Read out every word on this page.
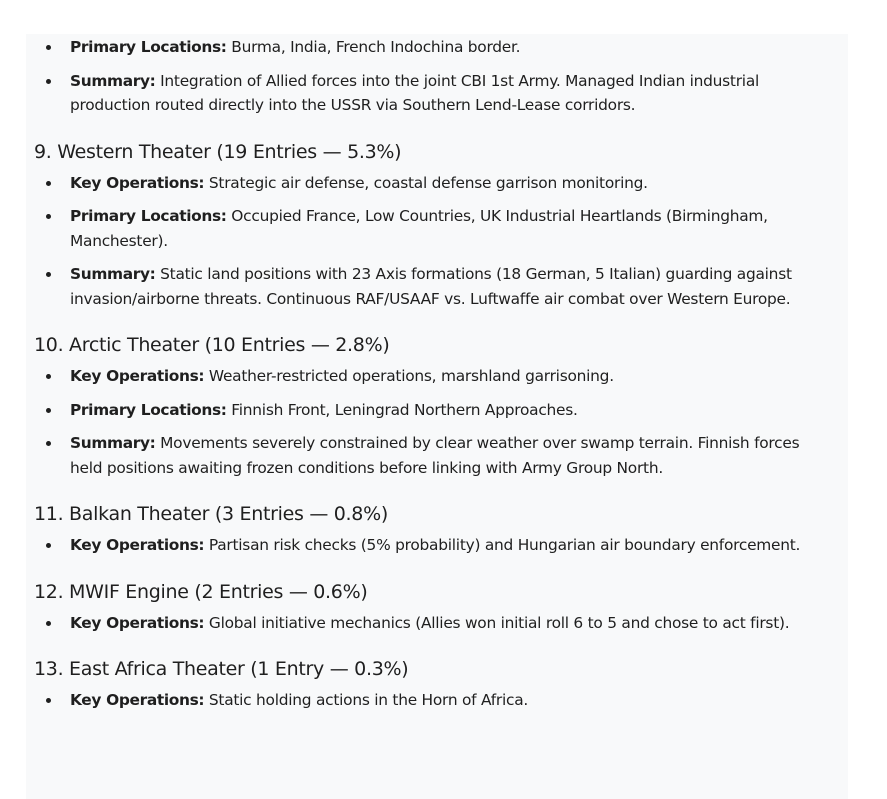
Primary Locations: Burma, India, French Indochina border.
Summary: Integration of Allied forces into the joint CBI 1st Army. Managed Indian industrial production routed directly into the USSR via Southern Lend-Lease corridors.
9. Western Theater (19 Entries — 5.3%)
Key Operations: Strategic air defense, coastal defense garrison monitoring.
Primary Locations: Occupied France, Low Countries, UK Industrial Heartlands (Birmingham, Manchester).
Summary: Static land positions with 23 Axis formations (18 German, 5 Italian) guarding against invasion/airborne threats. Continuous RAF/USAAF vs. Luftwaffe air combat over Western Europe.
10. Arctic Theater (10 Entries — 2.8%)
Key Operations: Weather-restricted operations, marshland garrisoning.
Primary Locations: Finnish Front, Leningrad Northern Approaches.
Summary: Movements severely constrained by clear weather over swamp terrain. Finnish forces held positions awaiting frozen conditions before linking with Army Group North.
11. Balkan Theater (3 Entries — 0.8%)
Key Operations: Partisan risk checks (5% probability) and Hungarian air boundary enforcement.
12. MWIF Engine (2 Entries — 0.6%)
Key Operations: Global initiative mechanics (Allies won initial roll 6 to 5 and chose to act first).
13. East Africa Theater (1 Entry — 0.3%)
Key Operations: Static holding actions in the Horn of Africa.
